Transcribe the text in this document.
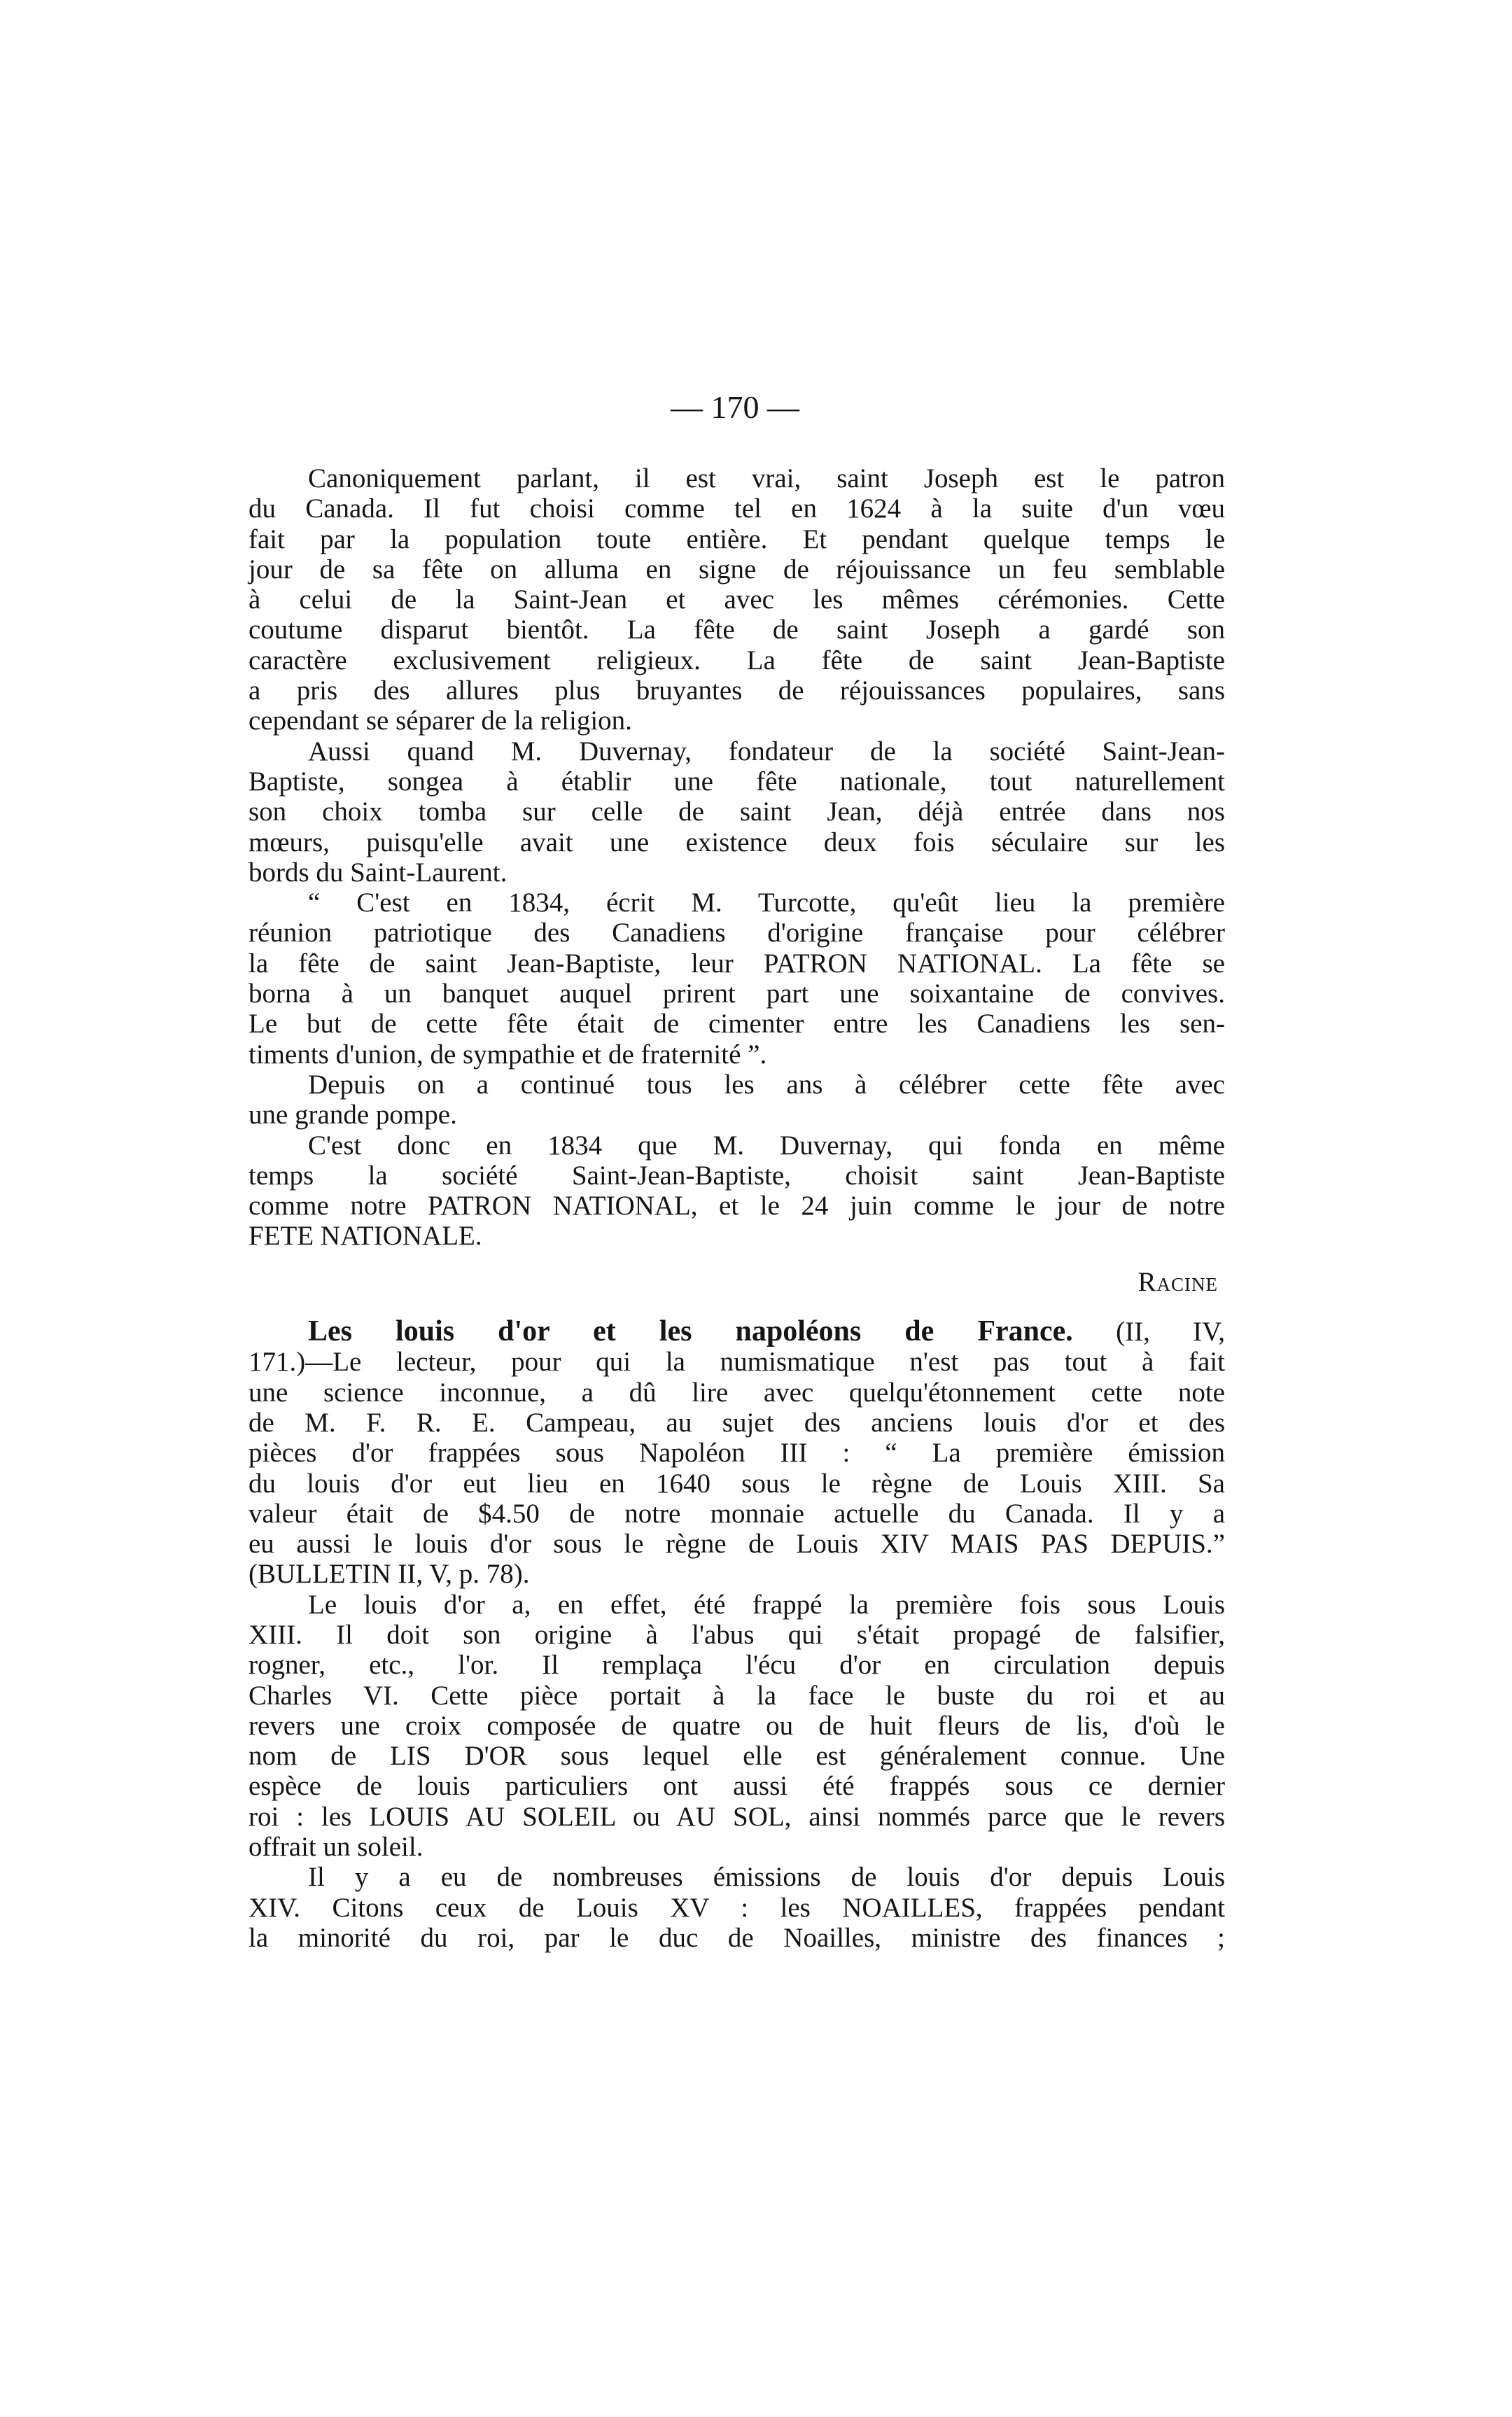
— 170 —
Canoniquement parlant, il est vrai, saint Joseph est le patron
du Canada. Il fut choisi comme tel en 1624 à la suite d'un vœu
fait par la population toute entière. Et pendant quelque temps le
jour de sa fête on alluma en signe de réjouissance un feu semblable
à celui de la Saint-Jean et avec les mêmes cérémonies. Cette
coutume disparut bientôt. La fête de saint Joseph a gardé son
caractère exclusivement religieux. La fête de saint Jean-Baptiste
a pris des allures plus bruyantes de réjouissances populaires, sans
cependant se séparer de la religion.
Aussi quand M. Duvernay, fondateur de la société Saint-Jean-
Baptiste, songea à établir une fête nationale, tout naturellement
son choix tomba sur celle de saint Jean, déjà entrée dans nos
mœurs, puisqu'elle avait une existence deux fois séculaire sur les
bords du Saint-Laurent.
“ C'est en 1834, écrit M. Turcotte, qu'eût lieu la première
réunion patriotique des Canadiens d'origine française pour célébrer
la fête de saint Jean-Baptiste, leur PATRON NATIONAL. La fête se
borna à un banquet auquel prirent part une soixantaine de convives.
Le but de cette fête était de cimenter entre les Canadiens les sen-
timents d'union, de sympathie et de fraternité ”.
Depuis on a continué tous les ans à célébrer cette fête avec
une grande pompe.
C'est donc en 1834 que M. Duvernay, qui fonda en même
temps la société Saint-Jean-Baptiste, choisit saint Jean-Baptiste
comme notre PATRON NATIONAL, et le 24 juin comme le jour de notre
FETE NATIONALE.
Racine
Les louis d'or et les napoléons de France. (II, IV,
171.)—Le lecteur, pour qui la numismatique n'est pas tout à fait
une science inconnue, a dû lire avec quelqu'étonnement cette note
de M. F. R. E. Campeau, au sujet des anciens louis d'or et des
pièces d'or frappées sous Napoléon III : “ La première émission
du louis d'or eut lieu en 1640 sous le règne de Louis XIII. Sa
valeur était de $4.50 de notre monnaie actuelle du Canada. Il y a
eu aussi le louis d'or sous le règne de Louis XIV MAIS PAS DEPUIS.”
(BULLETIN II, V, p. 78).
Le louis d'or a, en effet, été frappé la première fois sous Louis
XIII. Il doit son origine à l'abus qui s'était propagé de falsifier,
rogner, etc., l'or. Il remplaça l'écu d'or en circulation depuis
Charles VI. Cette pièce portait à la face le buste du roi et au
revers une croix composée de quatre ou de huit fleurs de lis, d'où le
nom de LIS D'OR sous lequel elle est généralement connue. Une
espèce de louis particuliers ont aussi été frappés sous ce dernier
roi : les LOUIS AU SOLEIL ou AU SOL, ainsi nommés parce que le revers
offrait un soleil.
Il y a eu de nombreuses émissions de louis d'or depuis Louis
XIV. Citons ceux de Louis XV : les NOAILLES, frappées pendant
la minorité du roi, par le duc de Noailles, ministre des finances ;
